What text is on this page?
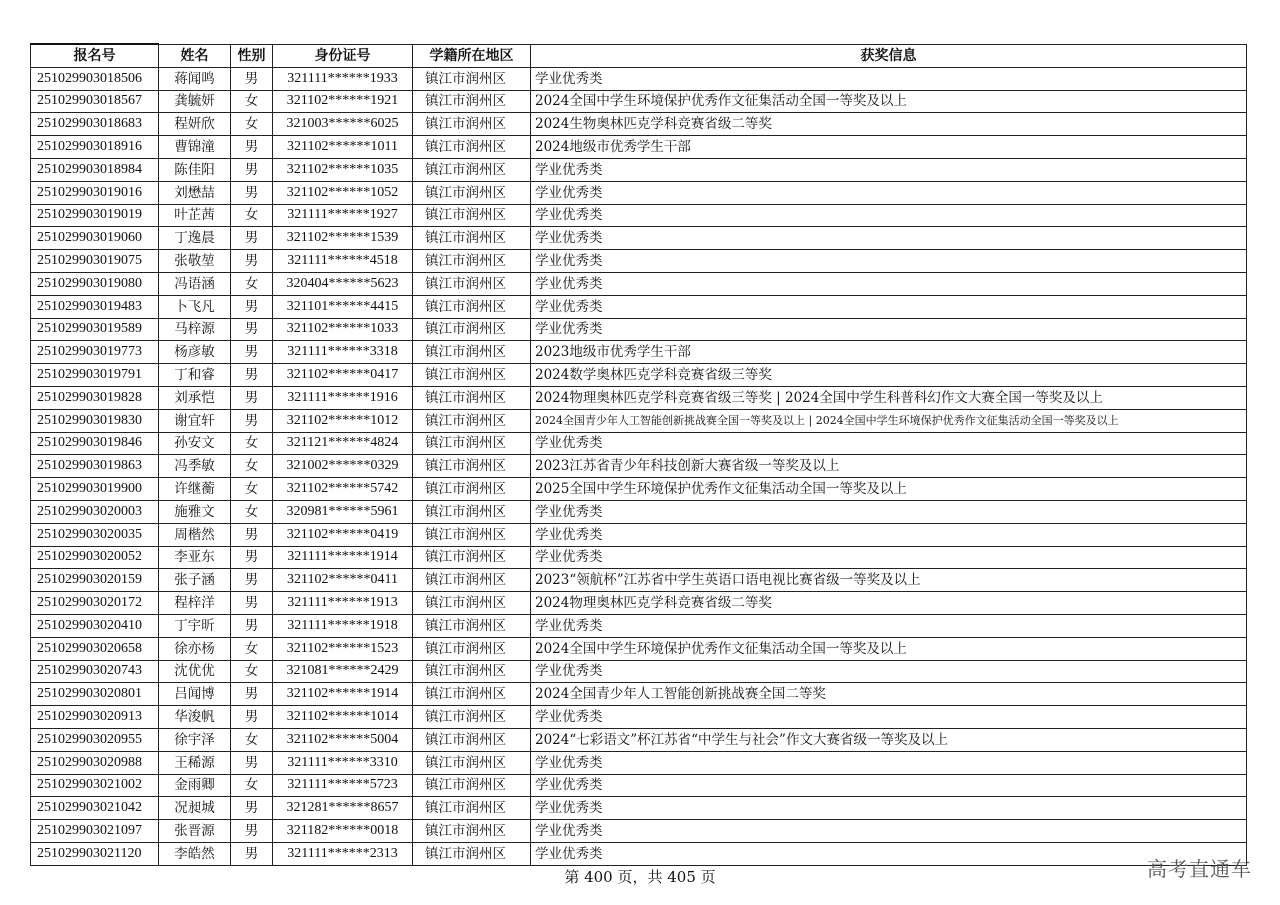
报名号	姓名	性别	身份证号	学籍所在地区	获奖信息
251029903018506	蒋闻鸣	男	321111******1933	镇江市润州区	学业优秀类
251029903018567	龚毓妍	女	321102******1921	镇江市润州区	2024全国中学生环境保护优秀作文征集活动全国一等奖及以上
251029903018683	程妍欣	女	321003******6025	镇江市润州区	2024生物奥林匹克学科竞赛省级二等奖
251029903018916	曹锦潼	男	321102******1011	镇江市润州区	2024地级市优秀学生干部
251029903018984	陈佳阳	男	321102******1035	镇江市润州区	学业优秀类
251029903019016	刘懋喆	男	321102******1052	镇江市润州区	学业优秀类
251029903019019	叶芷茜	女	321111******1927	镇江市润州区	学业优秀类
251029903019060	丁逸晨	男	321102******1539	镇江市润州区	学业优秀类
251029903019075	张敬堃	男	321111******4518	镇江市润州区	学业优秀类
251029903019080	冯语涵	女	320404******5623	镇江市润州区	学业优秀类
251029903019483	卜飞凡	男	321101******4415	镇江市润州区	学业优秀类
251029903019589	马梓源	男	321102******1033	镇江市润州区	学业优秀类
251029903019773	杨彦敏	男	321111******3318	镇江市润州区	2023地级市优秀学生干部
251029903019791	丁和睿	男	321102******0417	镇江市润州区	2024数学奥林匹克学科竞赛省级三等奖
251029903019828	刘承恺	男	321111******1916	镇江市润州区	2024物理奥林匹克学科竞赛省级三等奖 | 2024全国中学生科普科幻作文大赛全国一等奖及以上
251029903019830	谢宜轩	男	321102******1012	镇江市润州区	2024全国青少年人工智能创新挑战赛全国一等奖及以上 | 2024全国中学生环境保护优秀作文征集活动全国一等奖及以上
251029903019846	孙安文	女	321121******4824	镇江市润州区	学业优秀类
251029903019863	冯季敏	女	321002******0329	镇江市润州区	2023江苏省青少年科技创新大赛省级一等奖及以上
251029903019900	许继蘅	女	321102******5742	镇江市润州区	2025全国中学生环境保护优秀作文征集活动全国一等奖及以上
251029903020003	施雅文	女	320981******5961	镇江市润州区	学业优秀类
251029903020035	周楷然	男	321102******0419	镇江市润州区	学业优秀类
251029903020052	李亚东	男	321111******1914	镇江市润州区	学业优秀类
251029903020159	张子涵	男	321102******0411	镇江市润州区	2023“领航杯”江苏省中学生英语口语电视比赛省级一等奖及以上
251029903020172	程梓洋	男	321111******1913	镇江市润州区	2024物理奥林匹克学科竞赛省级二等奖
251029903020410	丁宇昕	男	321111******1918	镇江市润州区	学业优秀类
251029903020658	徐亦杨	女	321102******1523	镇江市润州区	2024全国中学生环境保护优秀作文征集活动全国一等奖及以上
251029903020743	沈优优	女	321081******2429	镇江市润州区	学业优秀类
251029903020801	吕闻博	男	321102******1914	镇江市润州区	2024全国青少年人工智能创新挑战赛全国二等奖
251029903020913	华浚帆	男	321102******1014	镇江市润州区	学业优秀类
251029903020955	徐宇泽	女	321102******5004	镇江市润州区	2024“七彩语文”杯江苏省“中学生与社会”作文大赛省级一等奖及以上
251029903020988	王稀源	男	321111******3310	镇江市润州区	学业优秀类
251029903021002	金雨卿	女	321111******5723	镇江市润州区	学业优秀类
251029903021042	况昶城	男	321281******8657	镇江市润州区	学业优秀类
251029903021097	张晋源	男	321182******0018	镇江市润州区	学业优秀类
251029903021120	李皓然	男	321111******2313	镇江市润州区	学业优秀类
第 400 页，共 405 页	高考直通车
